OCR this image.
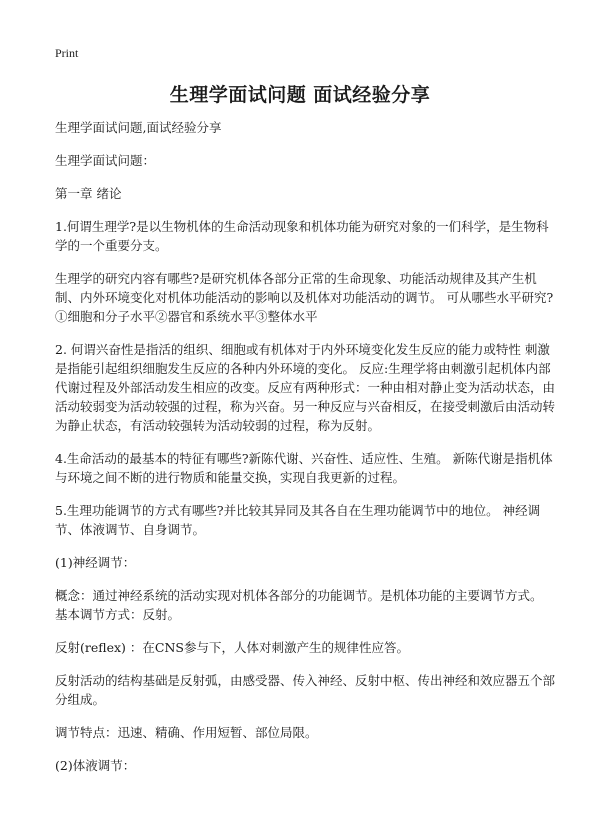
Print
生理学面试问题 面试经验分享

生理学面试问题,面试经验分享

生理学面试问题：

第一章 绪论

1.何谓生理学?是以生物机体的生命活动现象和机体功能为研究对象的一们科学，是生物科学的一个重要分支。

生理学的研究内容有哪些?是研究机体各部分正常的生命现象、功能活动规律及其产生机制、内外环境变化对机体功能活动的影响以及机体对功能活动的调节。 可从哪些水平研究?①细胞和分子水平②器官和系统水平③整体水平

2. 何谓兴奋性是指活的组织、细胞或有机体对于内外环境变化发生反应的能力或特性 刺激是指能引起组织细胞发生反应的各种内外环境的变化。 反应:生理学将由刺激引起机体内部代谢过程及外部活动发生相应的改变。反应有两种形式：一种由相对静止变为活动状态，由活动较弱变为活动较强的过程，称为兴奋。另一种反应与兴奋相反，在接受刺激后由活动转为静止状态，有活动较强转为活动较弱的过程，称为反射。

4.生命活动的最基本的特征有哪些?新陈代谢、兴奋性、适应性、生殖。 新陈代谢是指机体与环境之间不断的进行物质和能量交换，实现自我更新的过程。

5.生理功能调节的方式有哪些?并比较其异同及其各自在生理功能调节中的地位。 神经调节、体液调节、自身调节。

(1)神经调节：

概念：通过神经系统的活动实现对机体各部分的功能调节。是机体功能的主要调节方式。 基本调节方式：反射。

反射(reflex) ：在CNS参与下，人体对刺激产生的规律性应答。

反射活动的结构基础是反射弧，由感受器、传入神经、反射中枢、传出神经和效应器五个部分组成。

调节特点：迅速、精确、作用短暂、部位局限。

(2)体液调节：
